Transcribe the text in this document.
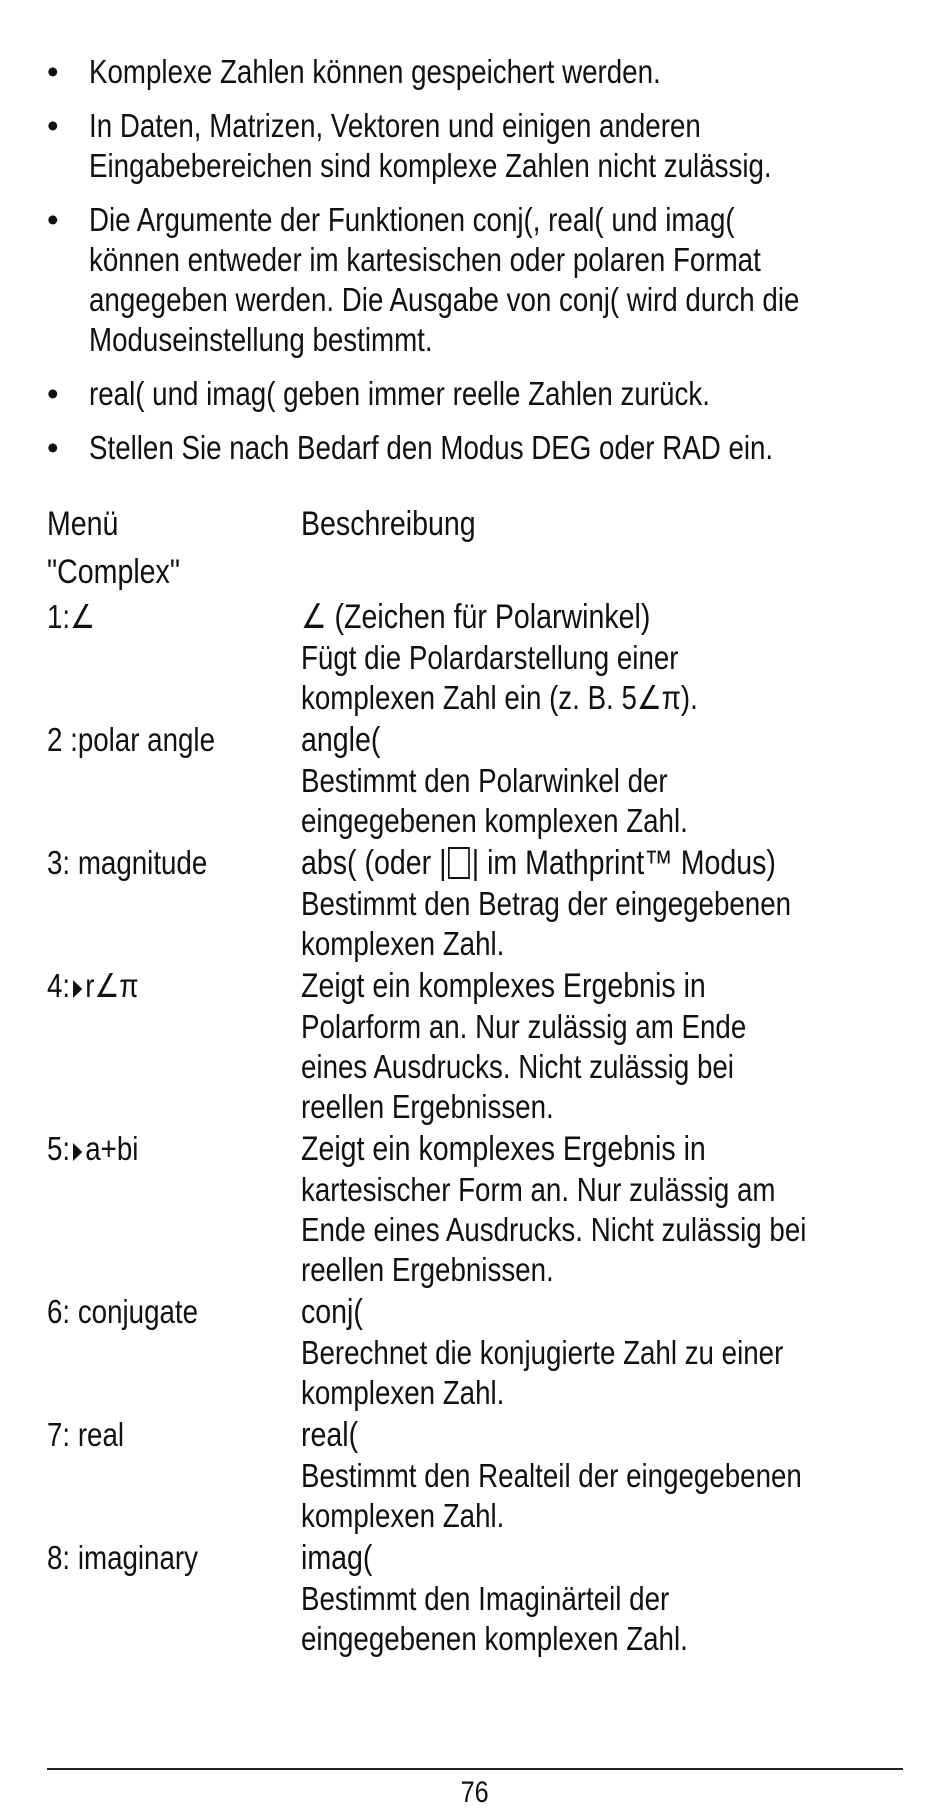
• Komplexe Zahlen können gespeichert werden.
• In Daten, Matrizen, Vektoren und einigen anderen
Eingabebereichen sind komplexe Zahlen nicht zulässig.
• Die Argumente der Funktionen conj(, real( und imag(
können entweder im kartesischen oder polaren Format
angegeben werden. Die Ausgabe von conj( wird durch die
Moduseinstellung bestimmt.
• real( und imag( geben immer reelle Zahlen zurück.
• Stellen Sie nach Bedarf den Modus DEG oder RAD ein.
Menü	Beschreibung
"Complex"
1:∠	∠ (Zeichen für Polarwinkel)
Fügt die Polardarstellung einer
komplexen Zahl ein (z. B. 5∠π).
2 :polar angle	angle(
Bestimmt den Polarwinkel der
eingegebenen komplexen Zahl.
3: magnitude	abs( (oder | | im Mathprint™ Modus)
Bestimmt den Betrag der eingegebenen
komplexen Zahl.
4: r∠π	Zeigt ein komplexes Ergebnis in
Polarform an. Nur zulässig am Ende
eines Ausdrucks. Nicht zulässig bei
reellen Ergebnissen.
5: a+bi	Zeigt ein komplexes Ergebnis in
kartesischer Form an. Nur zulässig am
Ende eines Ausdrucks. Nicht zulässig bei
reellen Ergebnissen.
6: conjugate	conj(
Berechnet die konjugierte Zahl zu einer
komplexen Zahl.
7: real	real(
Bestimmt den Realteil der eingegebenen
komplexen Zahl.
8: imaginary	imag(
Bestimmt den Imaginärteil der
eingegebenen komplexen Zahl.
76
